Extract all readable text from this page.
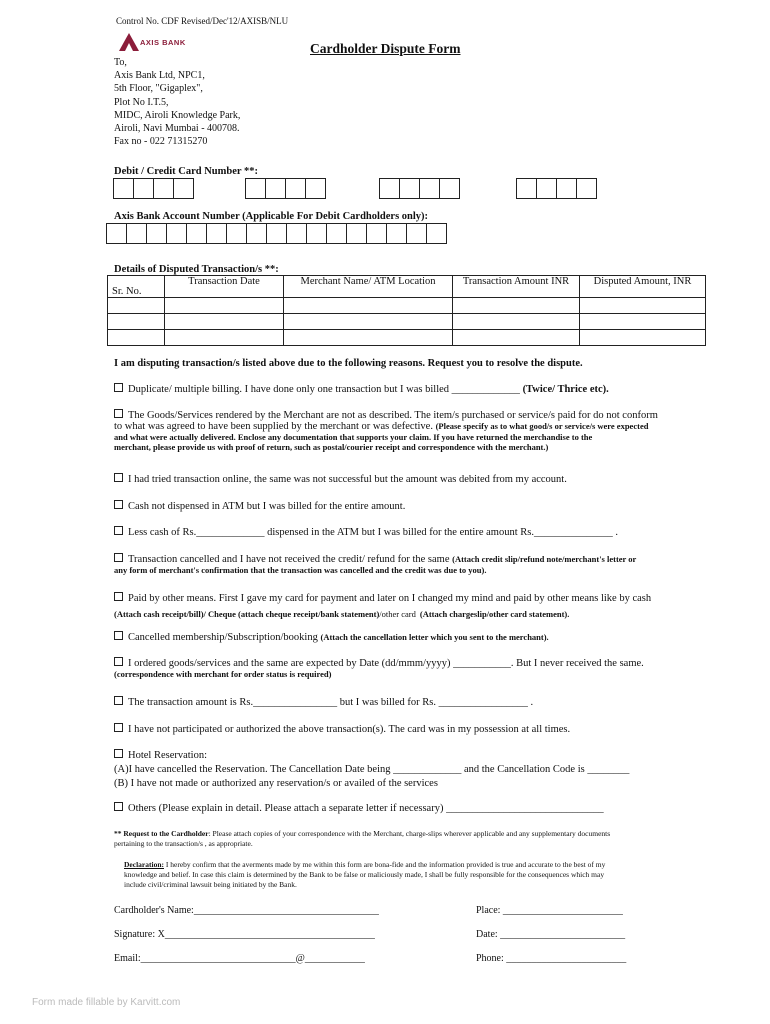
Control No. CDF Revised/Dec'12/AXISB/NLU
AXIS BANK	Cardholder Dispute Form
To,
Axis Bank Ltd, NPC1,
5th Floor, "Gigaplex",
Plot No I.T.5,
MIDC, Airoli Knowledge Park,
Airoli, Navi Mumbai - 400708.
Fax no - 022 71315270
Debit / Credit Card Number **:
Axis Bank Account Number (Applicable For Debit Cardholders only):
Details of Disputed Transaction/s **:
Sr. No.	Transaction Date	Merchant Name/ ATM Location	Transaction Amount INR	Disputed Amount, INR

I am disputing transaction/s listed above due to the following reasons. Request you to resolve the dispute.
Duplicate/ multiple billing. I have done only one transaction but I was billed _____________ (Twice/ Thrice etc).
The Goods/Services rendered by the Merchant are not as described. The item/s purchased or service/s paid for do not conform
to what was agreed to have been supplied by the merchant or was defective. (Please specify as to what good/s or service/s were expected
and what were actually delivered. Enclose any documentation that supports your claim. If you have returned the merchandise to the
merchant, please provide us with proof of return, such as postal/courier receipt and correspondence with the merchant.)
I had tried transaction online, the same was not successful but the amount was debited from my account.
Cash not dispensed in ATM but I was billed for the entire amount.
Less cash of Rs._____________ dispensed in the ATM but I was billed for the entire amount Rs._______________ .
Transaction cancelled and I have not received the credit/ refund for the same (Attach credit slip/refund note/merchant's letter or
any form of merchant's confirmation that the transaction was cancelled and the credit was due to you).
Paid by other means. First I gave my card for payment and later on I changed my mind and paid by other means like by cash
(Attach cash receipt/bill)/ Cheque (attach cheque receipt/bank statement)/other card (Attach chargeslip/other card statement).
Cancelled membership/Subscription/booking (Attach the cancellation letter which you sent to the merchant).
I ordered goods/services and the same are expected by Date (dd/mmm/yyyy) ___________. But I never received the same.
(correspondence with merchant for order status is required)
The transaction amount is Rs.________________ but I was billed for Rs. _________________ .
I have not participated or authorized the above transaction(s). The card was in my possession at all times.
Hotel Reservation:
(A)I have cancelled the Reservation. The Cancellation Date being _____________ and the Cancellation Code is ________
(B) I have not made or authorized any reservation/s or availed of the services
Others (Please explain in detail. Please attach a separate letter if necessary) ______________________________
** Request to the Cardholder: Please attach copies of your correspondence with the Merchant, charge-slips wherever applicable and any supplementary documents
pertaining to the transaction/s , as appropriate.
Declaration: I hereby confirm that the averments made by me within this form are bona-fide and the information provided is true and accurate to the best of my
knowledge and belief. In case this claim is determined by the Bank to be false or maliciously made, I shall be fully responsible for the consequences which may
include civil/criminal lawsuit being initiated by the Bank.
Cardholder's Name:_____________________________________	Place: ________________________
Signature: X__________________________________________	Date: _________________________
Email:_______________________________@____________	Phone: ________________________
Form made fillable by Karvitt.com
